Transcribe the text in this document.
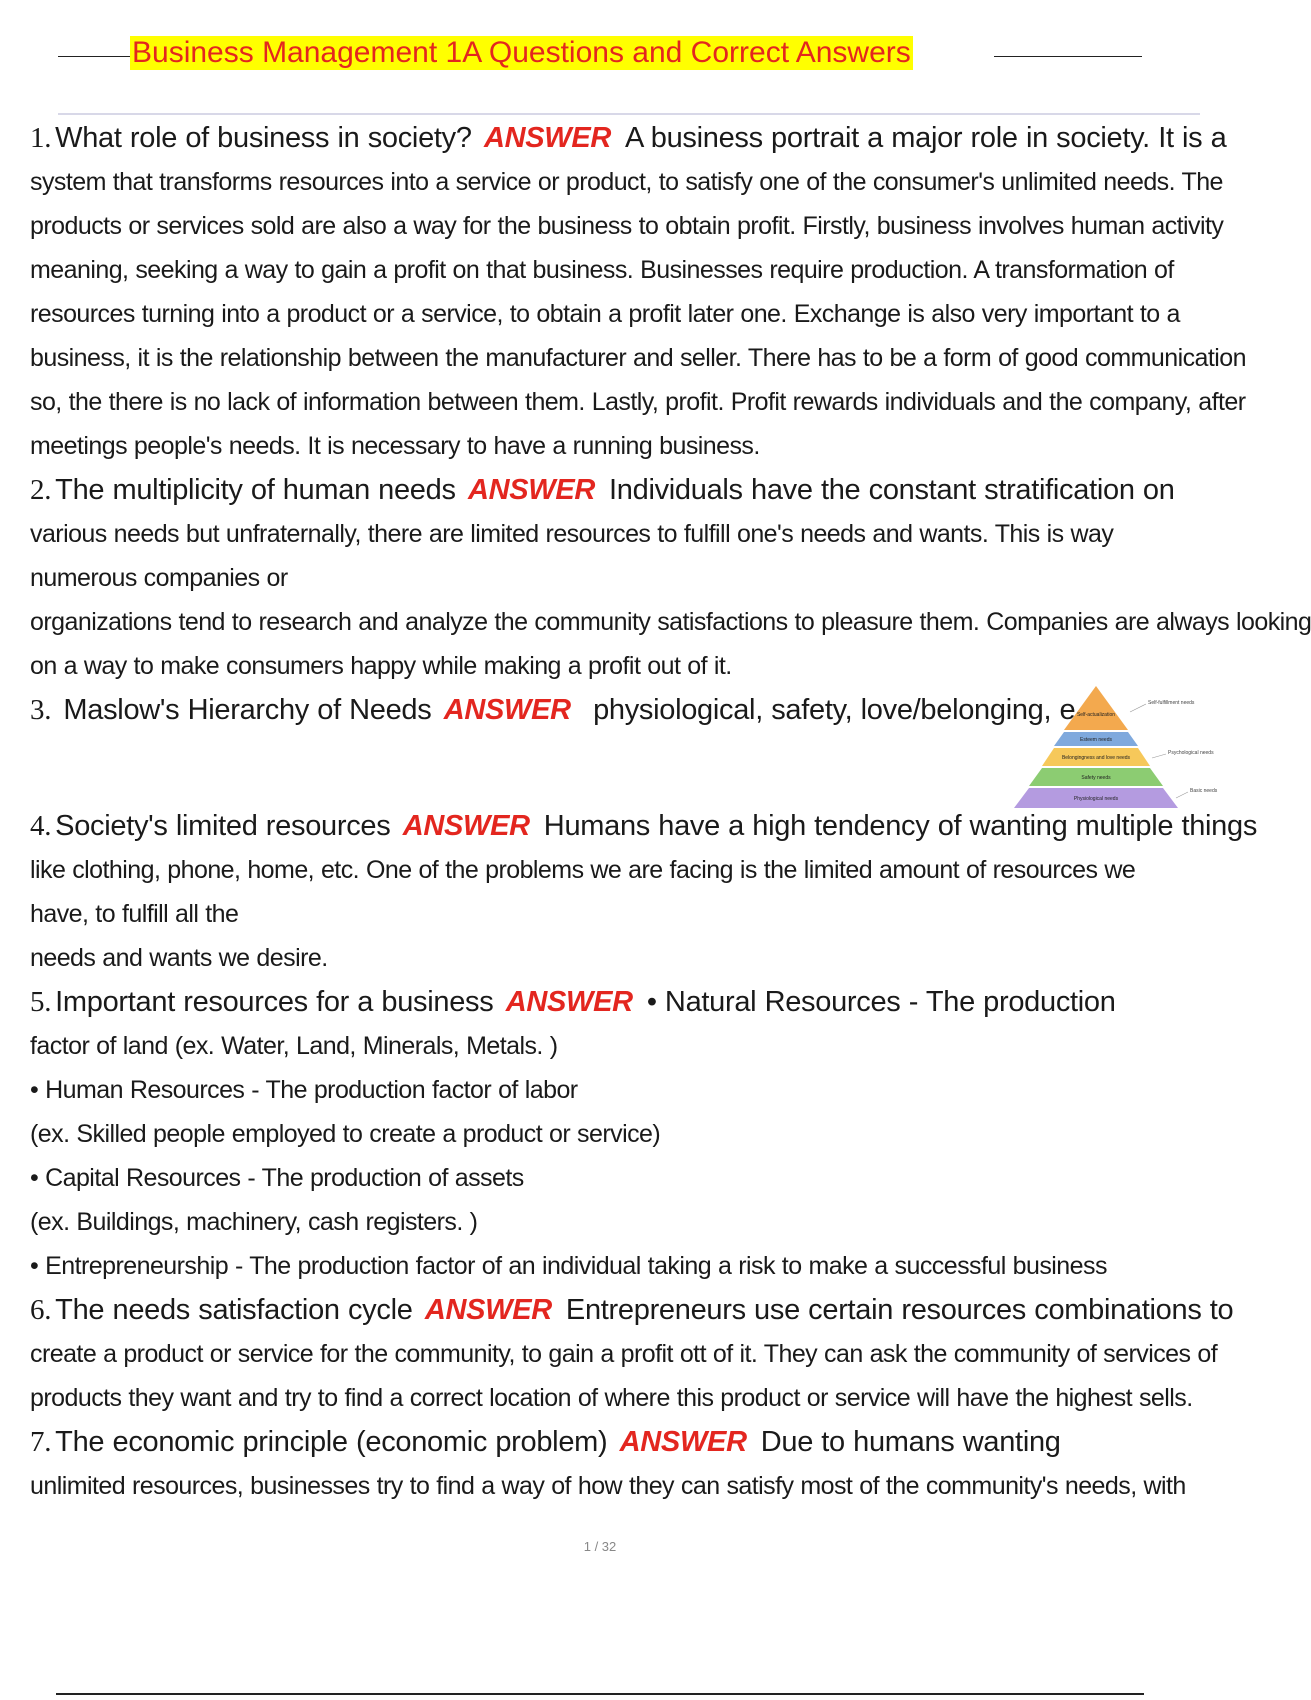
Business Management 1A Questions and Correct Answers
1. What role of business in society? ANSWER A business portrait a major role in society. It is a
system that transforms resources into a service or product, to satisfy one of the consumer's unlimited needs. The
products or services sold are also a way for the business to obtain profit. Firstly, business involves human activity
meaning, seeking a way to gain a profit on that business. Businesses require production. A transformation of
resources turning into a product or a service, to obtain a profit later one. Exchange is also very important to a
business, it is the relationship between the manufacturer and seller. There has to be a form of good communication
so, the there is no lack of information between them. Lastly, profit. Profit rewards individuals and the company, after
meetings people's needs. It is necessary to have a running business.
2. The multiplicity of human needs ANSWER Individuals have the constant stratification on
various needs but unfraternally, there are limited resources to fulfill one's needs and wants. This is way
numerous companies or
organizations tend to research and analyze the community satisfactions to pleasure them. Companies are always looking
on a way to make consumers happy while making a profit out of it.
3. Maslow's Hierarchy of Needs ANSWER physiological, safety, love/belonging, e Self-actualization
Esteem needs
Belongingness and love needs
Safety needs
Physiological needs
Self-fulfillment needs
Psychological needs
Basic needs
4. Society's limited resources ANSWER Humans have a high tendency of wanting multiple things
like clothing, phone, home, etc. One of the problems we are facing is the limited amount of resources we
have, to fulfill all the
needs and wants we desire.
5. Important resources for a business ANSWER • Natural Resources - The production
factor of land (ex. Water, Land, Minerals, Metals. )
• Human Resources - The production factor of labor
(ex. Skilled people employed to create a product or service)
• Capital Resources - The production of assets
(ex. Buildings, machinery, cash registers. )
• Entrepreneurship - The production factor of an individual taking a risk to make a successful business
6. The needs satisfaction cycle ANSWER Entrepreneurs use certain resources combinations to
create a product or service for the community, to gain a profit ott of it. They can ask the community of services of
products they want and try to find a correct location of where this product or service will have the highest sells.
7. The economic principle (economic problem) ANSWER Due to humans wanting
unlimited resources, businesses try to find a way of how they can satisfy most of the community's needs, with
1 / 32
